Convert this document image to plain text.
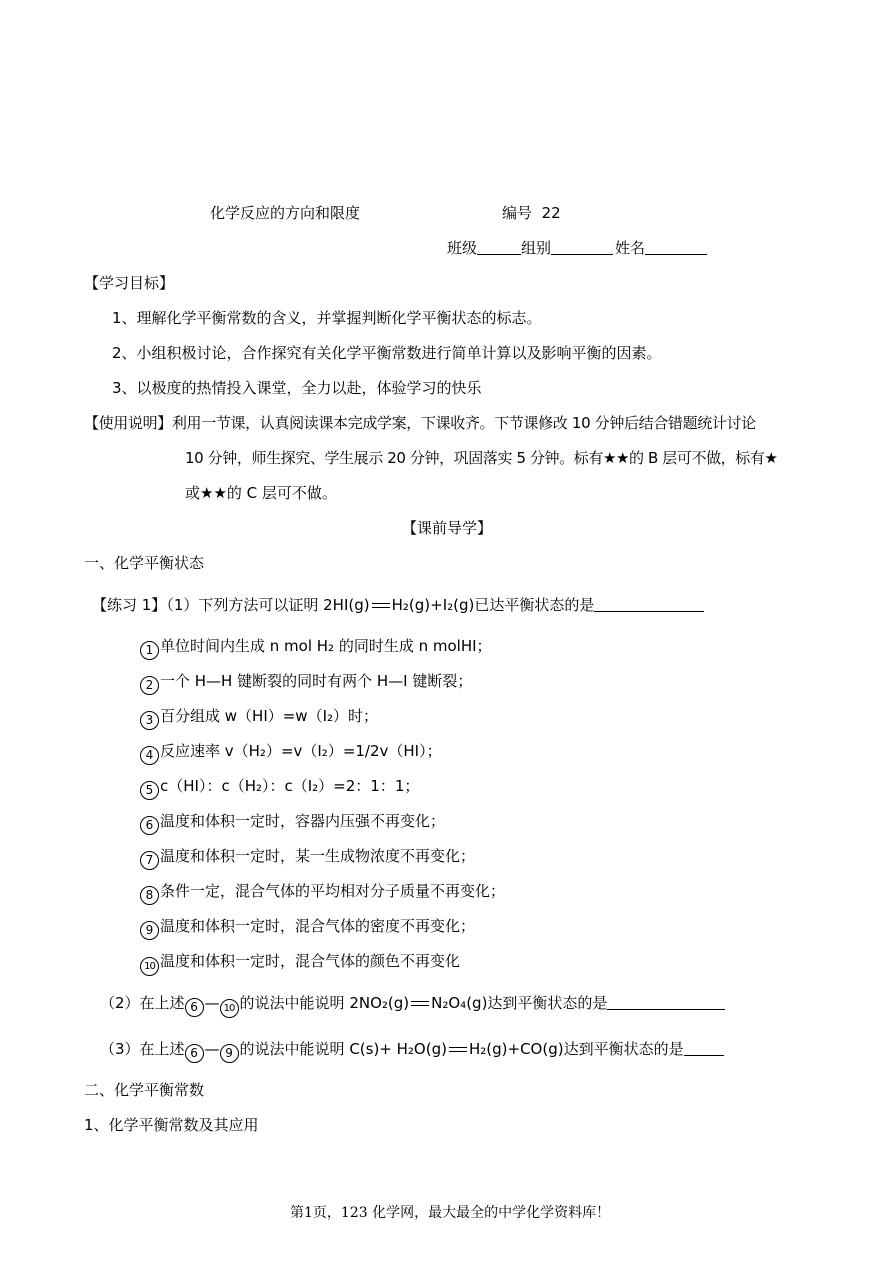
化学反应的方向和限度	编号 22
班级	组别	姓名
【学习目标】
1、理解化学平衡常数的含义，并掌握判断化学平衡状态的标志。
2、小组积极讨论，合作探究有关化学平衡常数进行简单计算以及影响平衡的因素。
3、以极度的热情投入课堂，全力以赴，体验学习的快乐
【使用说明】利用一节课，认真阅读课本完成学案，下课收齐。下节课修改 10 分钟后结合错题统计讨论
10 分钟，师生探究、学生展示 20 分钟，巩固落实 5 分钟。标有★★的 B 层可不做，标有★
或★★的 C 层可不做。
【课前导学】
一、化学平衡状态
【练习 1】（1）下列方法可以证明 2HI(g) H₂(g)+I₂(g)已达平衡状态的是
1 单位时间内生成 n mol H₂ 的同时生成 n molHI；
2 一个 H—H 键断裂的同时有两个 H—I 键断裂；
3 百分组成 w（HI）=w（I₂）时；
4 反应速率 v（H₂）=v（I₂）=1/2v（HI）；
5 c（HI）：c（H₂）：c（I₂）=2：1：1；
6 温度和体积一定时，容器内压强不再变化；
7 温度和体积一定时，某一生成物浓度不再变化；
8 条件一定，混合气体的平均相对分子质量不再变化；
9 温度和体积一定时，混合气体的密度不再变化；
10 温度和体积一定时，混合气体的颜色不再变化
（2）在上述 6 — 10 的说法中能说明 2NO₂(g) N₂O₄(g)达到平衡状态的是
（3）在上述 6 — 9 的说法中能说明 C(s)+ H₂O(g) H₂(g)+CO(g)达到平衡状态的是
二、化学平衡常数
1、化学平衡常数及其应用
第1页，123 化学网，最大最全的中学化学资料库！
